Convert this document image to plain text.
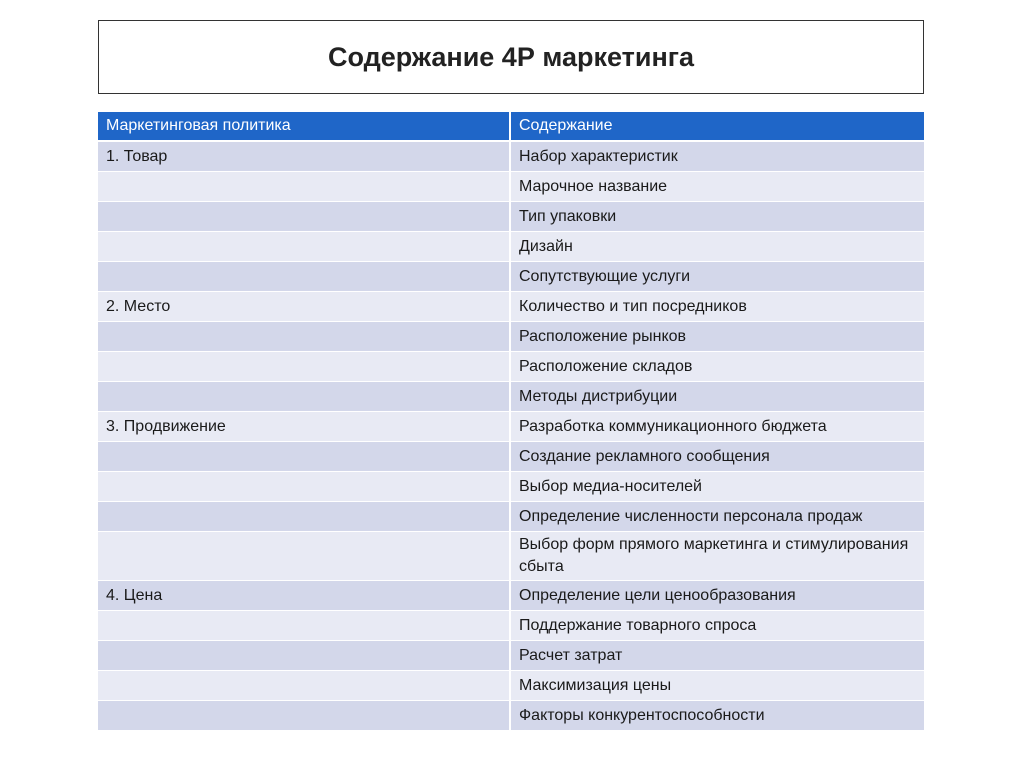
Содержание 4Р маркетинга
Маркетинговая политика	Содержание
1. Товар	Набор характеристик
	Марочное название
	Тип упаковки
	Дизайн
	Сопутствующие услуги
2. Место	Количество и тип посредников
	Расположение рынков
	Расположение складов
	Методы дистрибуции
3. Продвижение	Разработка коммуникационного бюджета
	Создание рекламного сообщения
	Выбор медиа-носителей
	Определение численности персонала продаж
	Выбор форм прямого маркетинга и стимулирования сбыта
4. Цена	Определение цели ценообразования
	Поддержание товарного спроса
	Расчет затрат
	Максимизация цены
	Факторы конкурентоспособности
